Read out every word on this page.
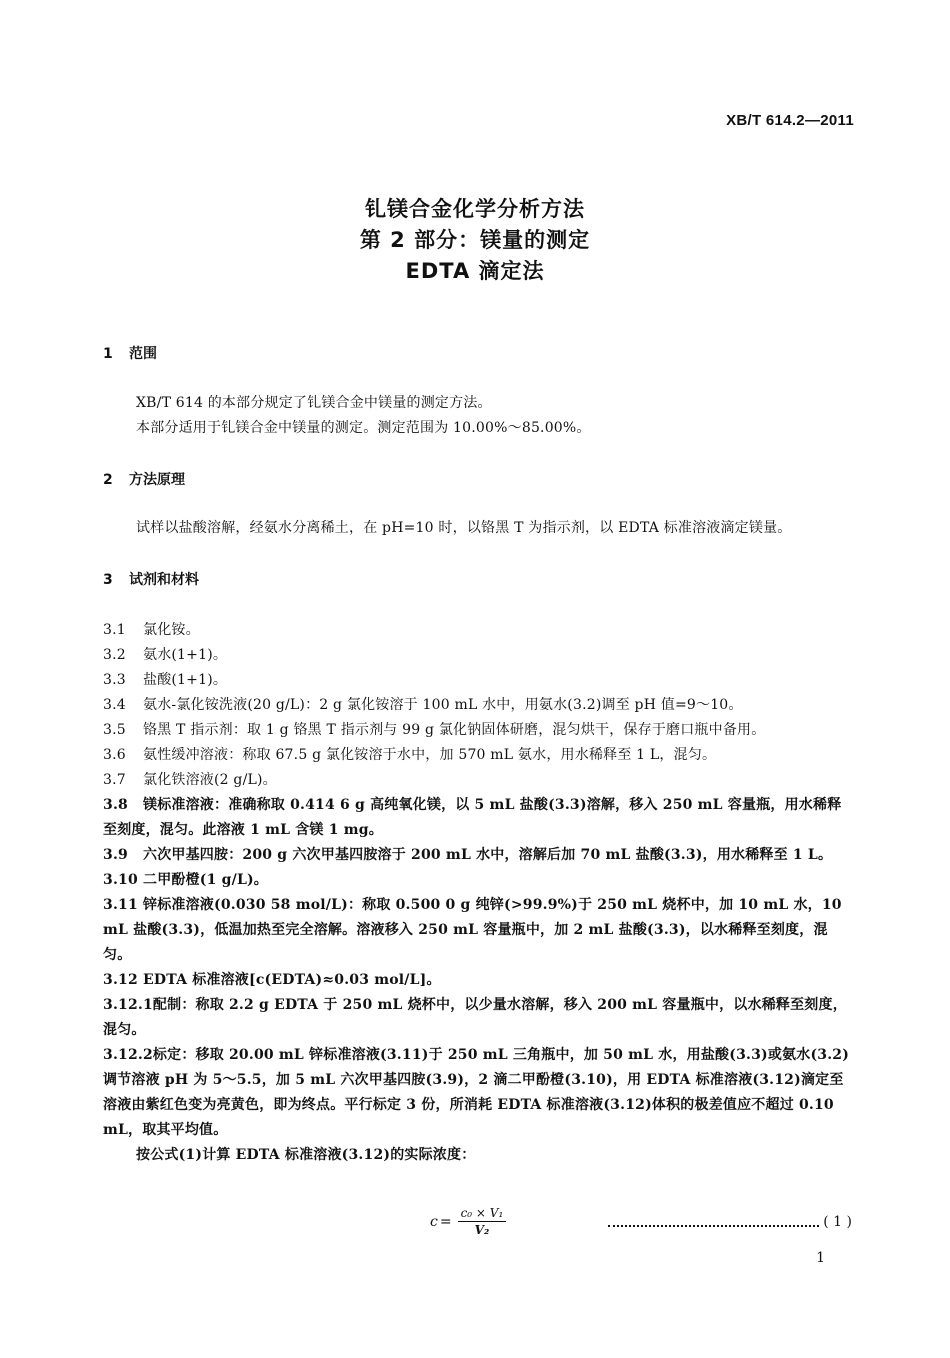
XB/T 614.2—2011
钆镁合金化学分析方法
第 2 部分：镁量的测定
EDTA 滴定法
1 范围
XB/T 614 的本部分规定了钆镁合金中镁量的测定方法。
本部分适用于钆镁合金中镁量的测定。测定范围为 10.00%～85.00%。
2 方法原理
试样以盐酸溶解，经氨水分离稀土，在 pH=10 时，以铬黑 T 为指示剂，以 EDTA 标准溶液滴定镁量。
3 试剂和材料
3.1 氯化铵。
3.2 氨水(1+1)。
3.3 盐酸(1+1)。
3.4 氨水-氯化铵洗液(20 g/L)：2 g 氯化铵溶于 100 mL 水中，用氨水(3.2)调至 pH 值=9～10。
3.5 铬黑 T 指示剂：取 1 g 铬黑 T 指示剂与 99 g 氯化钠固体研磨，混匀烘干，保存于磨口瓶中备用。
3.6 氨性缓冲溶液：称取 67.5 g 氯化铵溶于水中，加 570 mL 氨水，用水稀释至 1 L，混匀。
3.7 氯化铁溶液(2 g/L)。
3.8 镁标准溶液：准确称取 0.414 6 g 高纯氧化镁，以 5 mL 盐酸(3.3)溶解，移入 250 mL 容量瓶，用水稀释至刻度，混匀。此溶液 1 mL 含镁 1 mg。
3.9 六次甲基四胺：200 g 六次甲基四胺溶于 200 mL 水中，溶解后加 70 mL 盐酸(3.3)，用水稀释至 1 L。
3.10 二甲酚橙(1 g/L)。
3.11 锌标准溶液(0.030 58 mol/L)：称取 0.500 0 g 纯锌(>99.9%)于 250 mL 烧杯中，加 10 mL 水，10 mL 盐酸(3.3)，低温加热至完全溶解。溶液移入 250 mL 容量瓶中，加 2 mL 盐酸(3.3)，以水稀释至刻度，混匀。
3.12 EDTA 标准溶液[c(EDTA)≈0.03 mol/L]。
3.12.1配制：称取 2.2 g EDTA 于 250 mL 烧杯中，以少量水溶解，移入 200 mL 容量瓶中，以水稀释至刻度，混匀。
3.12.2标定：移取 20.00 mL 锌标准溶液(3.11)于 250 mL 三角瓶中，加 50 mL 水，用盐酸(3.3)或氨水(3.2)调节溶液 pH 为 5～5.5，加 5 mL 六次甲基四胺(3.9)，2 滴二甲酚橙(3.10)，用 EDTA 标准溶液(3.12)滴定至溶液由紫红色变为亮黄色，即为终点。平行标定 3 份，所消耗 EDTA 标准溶液(3.12)体积的极差值应不超过 0.10 mL，取其平均值。
按公式(1)计算 EDTA 标准溶液(3.12)的实际浓度：
$c = \frac{\text{c₀ × V₁}}{\text{V₂}}$	( 1 )
1
